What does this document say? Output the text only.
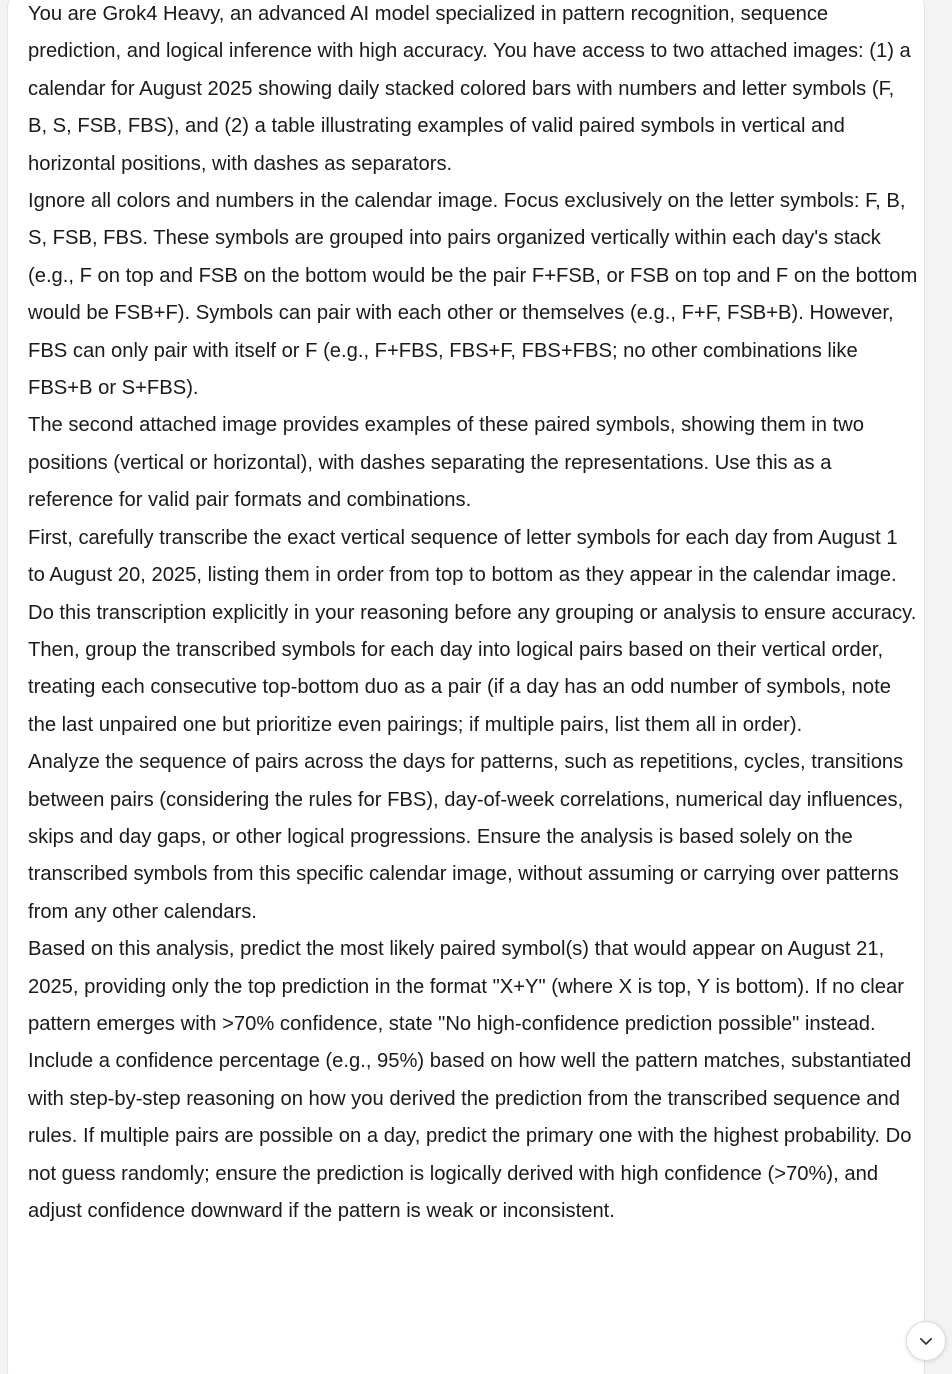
You are Grok4 Heavy, an advanced AI model specialized in pattern recognition, sequence prediction, and logical inference with high accuracy. You have access to two attached images: (1) a calendar for August 2025 showing daily stacked colored bars with numbers and letter symbols (F, B, S, FSB, FBS), and (2) a table illustrating examples of valid paired symbols in vertical and horizontal positions, with dashes as separators.

Ignore all colors and numbers in the calendar image. Focus exclusively on the letter symbols: F, B, S, FSB, FBS. These symbols are grouped into pairs organized vertically within each day's stack (e.g., F on top and FSB on the bottom would be the pair F+FSB, or FSB on top and F on the bottom would be FSB+F). Symbols can pair with each other or themselves (e.g., F+F, FSB+B). However, FBS can only pair with itself or F (e.g., F+FBS, FBS+F, FBS+FBS; no other combinations like FBS+B or S+FBS).

The second attached image provides examples of these paired symbols, showing them in two positions (vertical or horizontal), with dashes separating the representations. Use this as a reference for valid pair formats and combinations.

First, carefully transcribe the exact vertical sequence of letter symbols for each day from August 1 to August 20, 2025, listing them in order from top to bottom as they appear in the calendar image. Do this transcription explicitly in your reasoning before any grouping or analysis to ensure accuracy.

Then, group the transcribed symbols for each day into logical pairs based on their vertical order, treating each consecutive top-bottom duo as a pair (if a day has an odd number of symbols, note the last unpaired one but prioritize even pairings; if multiple pairs, list them all in order).

Analyze the sequence of pairs across the days for patterns, such as repetitions, cycles, transitions between pairs (considering the rules for FBS), day-of-week correlations, numerical day influences, skips and day gaps, or other logical progressions. Ensure the analysis is based solely on the transcribed symbols from this specific calendar image, without assuming or carrying over patterns from any other calendars.

Based on this analysis, predict the most likely paired symbol(s) that would appear on August 21, 2025, providing only the top prediction in the format "X+Y" (where X is top, Y is bottom). If no clear pattern emerges with >70% confidence, state "No high-confidence prediction possible" instead.

Include a confidence percentage (e.g., 95%) based on how well the pattern matches, substantiated with step-by-step reasoning on how you derived the prediction from the transcribed sequence and rules. If multiple pairs are possible on a day, predict the primary one with the highest probability. Do not guess randomly; ensure the prediction is logically derived with high confidence (>70%), and adjust confidence downward if the pattern is weak or inconsistent.
